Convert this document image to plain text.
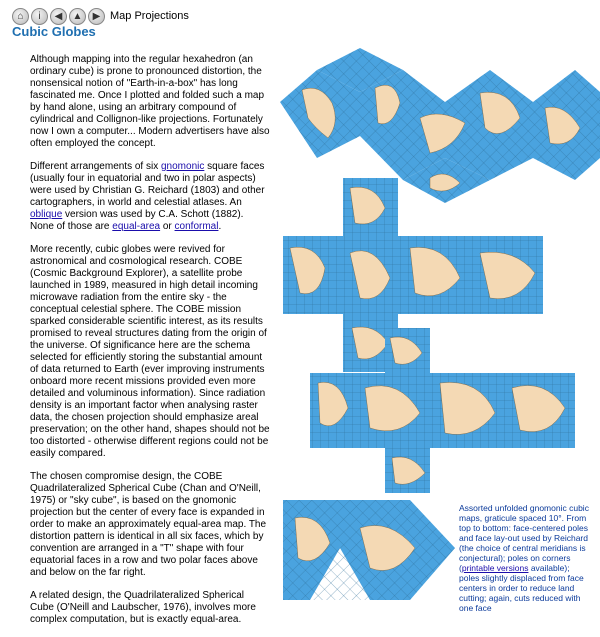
⌂	i	◀	▲	▶ Map Projections
Cubic Globes

Although mapping into the regular hexahedron (an ordinary cube) is prone to pronounced distortion, the nonsensical notion of "Earth-in-a-box" has long fascinated me. Once I plotted and folded such a map by hand alone, using an arbitrary compound of cylindrical and Collignon-like projections. Fortunately now I own a computer... Modern advertisers have also often employed the concept.

Different arrangements of six gnomonic square faces (usually four in equatorial and two in polar aspects) were used by Christian G. Reichard (1803) and other cartographers, in world and celestial atlases. An oblique version was used by C.A. Schott (1882). None of those are equal-area or conformal.

More recently, cubic globes were revived for astronomical and cosmological research. COBE (Cosmic Background Explorer), a satellite probe launched in 1989, measured in high detail incoming microwave radiation from the entire sky - the conceptual celestial sphere. The COBE mission sparked considerable scientific interest, as its results promised to reveal structures dating from the origin of the universe. Of significance here are the schema selected for efficiently storing the substantial amount of data returned to Earth (ever improving instruments onboard more recent missions provided even more detailed and voluminous information). Since radiation density is an important factor when analysing raster data, the chosen projection should emphasize areal preservation; on the other hand, shapes should not be too distorted - otherwise different regions could not be easily compared.

The chosen compromise design, the COBE Quadrilateralized Spherical Cube (Chan and O'Neill, 1975) or "sky cube", is based on the gnomonic projection but the center of every face is expanded in order to make an approximately equal-area map. The distortion pattern is identical in all six faces, which by convention are arranged in a "T" shape with four equatorial faces in a row and two polar faces above and below on the far right.

A related design, the Quadrilateralized Spherical Cube (O'Neill and Laubscher, 1976), involves more complex computation, but is exactly equal-area.

Assorted unfolded gnomonic cubic maps, graticule spaced 10°. From top to bottom: face-centered poles and face lay-out used by Reichard (the choice of central meridians is conjectural); poles on corners (printable versions available); poles slightly displaced from face centers in order to reduce land cutting; again, cuts reduced with one face
